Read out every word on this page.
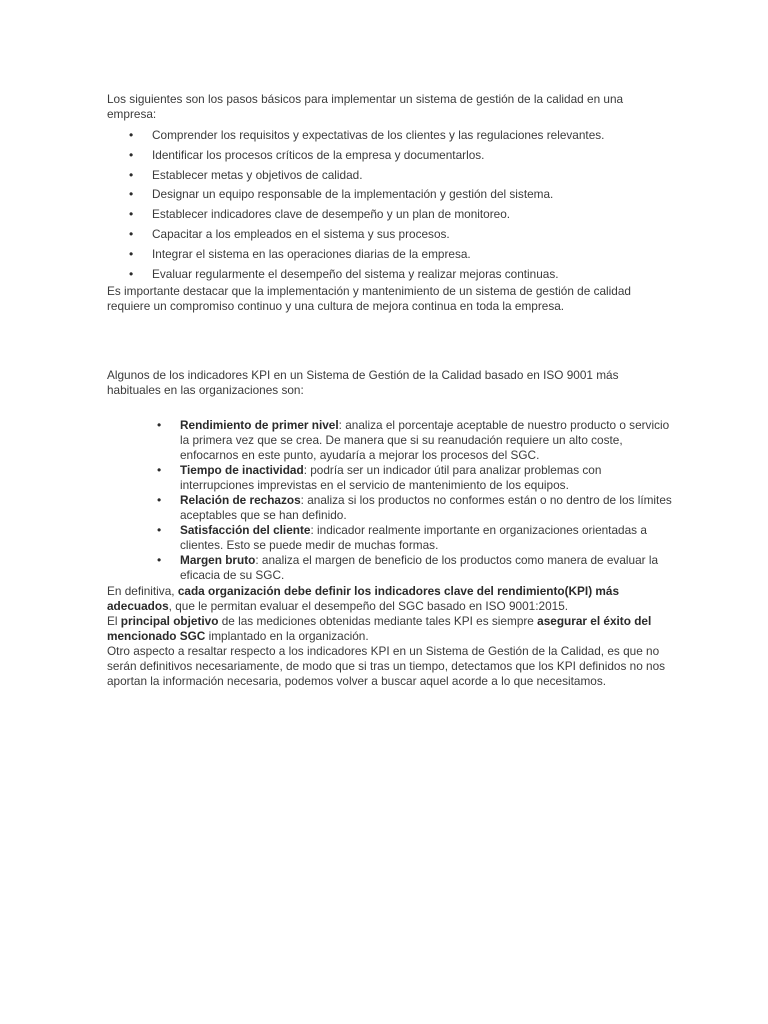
Los siguientes son los pasos básicos para implementar un sistema de gestión de la calidad en una empresa:

• Comprender los requisitos y expectativas de los clientes y las regulaciones relevantes.
• Identificar los procesos críticos de la empresa y documentarlos.
• Establecer metas y objetivos de calidad.
• Designar un equipo responsable de la implementación y gestión del sistema.
• Establecer indicadores clave de desempeño y un plan de monitoreo.
• Capacitar a los empleados en el sistema y sus procesos.
• Integrar el sistema en las operaciones diarias de la empresa.
• Evaluar regularmente el desempeño del sistema y realizar mejoras continuas.

Es importante destacar que la implementación y mantenimiento de un sistema de gestión de calidad requiere un compromiso continuo y una cultura de mejora continua en toda la empresa.

Algunos de los indicadores KPI en un Sistema de Gestión de la Calidad basado en ISO 9001 más habituales en las organizaciones son:

• Rendimiento de primer nivel: analiza el porcentaje aceptable de nuestro producto o servicio la primera vez que se crea. De manera que si su reanudación requiere un alto coste, enfocarnos en este punto, ayudaría a mejorar los procesos del SGC.
• Tiempo de inactividad: podría ser un indicador útil para analizar problemas con interrupciones imprevistas en el servicio de mantenimiento de los equipos.
• Relación de rechazos: analiza si los productos no conformes están o no dentro de los límites aceptables que se han definido.
• Satisfacción del cliente: indicador realmente importante en organizaciones orientadas a clientes. Esto se puede medir de muchas formas.
• Margen bruto: analiza el margen de beneficio de los productos como manera de evaluar la eficacia de su SGC.

En definitiva, cada organización debe definir los indicadores clave del rendimiento(KPI) más adecuados, que le permitan evaluar el desempeño del SGC basado en ISO 9001:2015.

El principal objetivo de las mediciones obtenidas mediante tales KPI es siempre asegurar el éxito del mencionado SGC implantado en la organización.

Otro aspecto a resaltar respecto a los indicadores KPI en un Sistema de Gestión de la Calidad, es que no serán definitivos necesariamente, de modo que si tras un tiempo, detectamos que los KPI definidos no nos aportan la información necesaria, podemos volver a buscar aquel acorde a lo que necesitamos.
